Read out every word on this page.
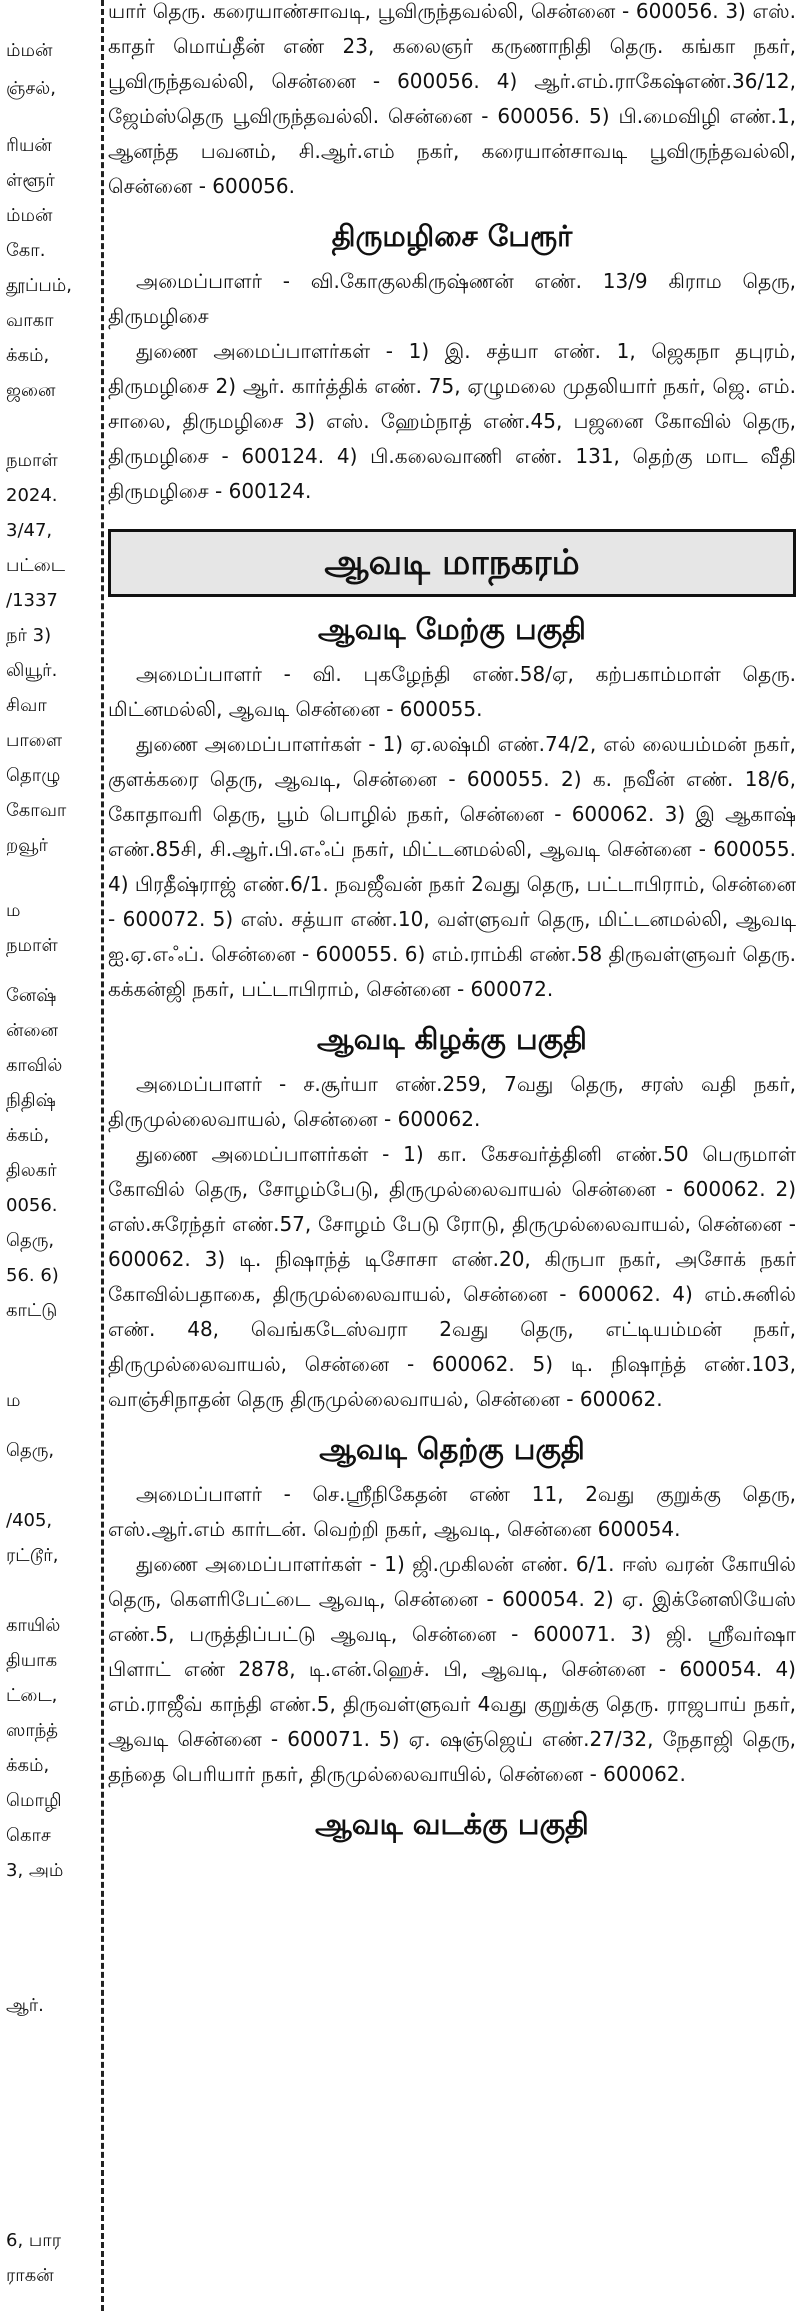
ம்மன்
ஞ்சல்,
ரியன்
ள்ளூர்
ம்மன்
கோ.
தூப்பம்,
வாகா
க்கம்,
ஜனை
நமாள்
2024.
3/47,
பட்டை
/1337
நர் 3)
லியூர்.
சிவா
பாளை
தொழு
கோவா
றவூர்
ம
நமாள்
னேஷ்
ன்னை
காவில்
நிதிஷ்
க்கம்,
திலகர்
0056.
தெரு,
56. 6)
காட்டு
ம
தெரு,
/405,
ரட்டூர்,
காயில்
தியாக
ட்டை,
ஸாந்த்
க்கம்,
மொழி
கொச
3, அம்
ஆர்.
6, பார
ராகன்

யார் தெரு. கரையாண்சாவடி, பூவிருந்தவல்லி, சென்னை - 600056. 3) எஸ். காதர் மொய்தீன் எண் 23, கலைஞர் கருணாநிதி தெரு. கங்கா நகர், பூவிருந்தவல்லி, சென்னை - 600056. 4) ஆர்.எம்.ராகேஷ்எண்.36/12, ஜேம்ஸ்தெரு பூவிருந்தவல்லி. சென்னை - 600056. 5) பி.மைவிழி எண்.1, ஆனந்த பவனம், சி.ஆர்.எம் நகர், கரையான்சாவடி பூவிருந்தவல்லி, சென்னை - 600056.

திருமழிசை பேரூர்

அமைப்பாளர் - வி.கோகுலகிருஷ்ணன் எண். 13/9 கிராம தெரு, திருமழிசை

துணை அமைப்பாளர்கள் - 1) இ. சத்யா எண். 1, ஜெகநா தபுரம், திருமழிசை 2) ஆர். கார்த்திக் எண். 75, ஏழுமலை முதலியார் நகர், ஜெ. எம். சாலை, திருமழிசை 3) எஸ். ஹேம்நாத் எண்.45, பஜனை கோவில் தெரு, திருமழிசை - 600124. 4) பி.கலைவாணி எண். 131, தெற்கு மாட வீதி திருமழிசை - 600124.

ஆவடி மாநகரம்
ஆவடி மேற்கு பகுதி

அமைப்பாளர் - வி. புகழேந்தி எண்.58/ஏ, கற்பகாம்மாள் தெரு. மிட்னமல்லி, ஆவடி சென்னை - 600055.

துணை அமைப்பாளர்கள் - 1) ஏ.லஷ்மி எண்.74/2, எல் லையம்மன் நகர், குளக்கரை தெரு, ஆவடி, சென்னை - 600055. 2) க. நவீன் எண். 18/6, கோதாவரி தெரு, பூம் பொழில் நகர், சென்னை - 600062. 3) இ ஆகாஷ் எண்.85சி, சி.ஆர்.பி.எஃப் நகர், மிட்டனமல்லி, ஆவடி சென்னை - 600055. 4) பிரதீஷ்ராஜ் எண்.6/1. நவஜீவன் நகர் 2வது தெரு, பட்டாபிராம், சென்னை - 600072. 5) எஸ். சத்யா எண்.10, வள்ளுவர் தெரு, மிட்டனமல்லி, ஆவடி ஐ.ஏ.எஃப். சென்னை - 600055. 6) எம்.ராம்கி எண்.58 திருவள்ளுவர் தெரு. கக்கன்ஜி நகர், பட்டாபிராம், சென்னை - 600072.

ஆவடி கிழக்கு பகுதி

அமைப்பாளர் - ச.சூர்யா எண்.259, 7வது தெரு, சரஸ் வதி நகர், திருமுல்லைவாயல், சென்னை - 600062.

துணை அமைப்பாளர்கள் - 1) கா. கேசவர்த்தினி எண்.50 பெருமாள் கோவில் தெரு, சோழம்பேடு, திருமுல்லைவாயல் சென்னை - 600062. 2) எஸ்.சுரேந்தர் எண்.57, சோழம் பேடு ரோடு, திருமுல்லைவாயல், சென்னை - 600062. 3) டி. நிஷாந்த் டிசோசா எண்.20, கிருபா நகர், அசோக் நகர் கோவில்பதாகை, திருமுல்லைவாயல், சென்னை - 600062. 4) எம்.சுனில் எண். 48, வெங்கடேஸ்வரா 2வது தெரு, எட்டியம்மன் நகர், திருமுல்லைவாயல், சென்னை - 600062. 5) டி. நிஷாந்த் எண்.103, வாஞ்சிநாதன் தெரு திருமுல்லைவாயல், சென்னை - 600062.

ஆவடி தெற்கு பகுதி

அமைப்பாளர் - செ.ஸ்ரீநிகேதன் எண் 11, 2வது குறுக்கு தெரு, எஸ்.ஆர்.எம் கார்டன். வெற்றி நகர், ஆவடி, சென்னை 600054.

துணை அமைப்பாளர்கள் - 1) ஜி.முகிலன் எண். 6/1. ஈஸ் வரன் கோயில் தெரு, கௌரிபேட்டை ஆவடி, சென்னை - 600054. 2) ஏ. இக்னேஸியேஸ் எண்.5, பருத்திப்பட்டு ஆவடி, சென்னை - 600071. 3) ஜி. ஸ்ரீவர்ஷா பிளாட் எண் 2878, டி.என்.ஹெச். பி, ஆவடி, சென்னை - 600054. 4) எம்.ராஜீவ் காந்தி எண்.5, திருவள்ளுவர் 4வது குறுக்கு தெரு. ராஜபாய் நகர், ஆவடி சென்னை - 600071. 5) ஏ. ஷஞ்ஜெய் எண்.27/32, நேதாஜி தெரு, தந்தை பெரியார் நகர், திருமுல்லைவாயில், சென்னை - 600062.

ஆவடி வடக்கு பகுதி
